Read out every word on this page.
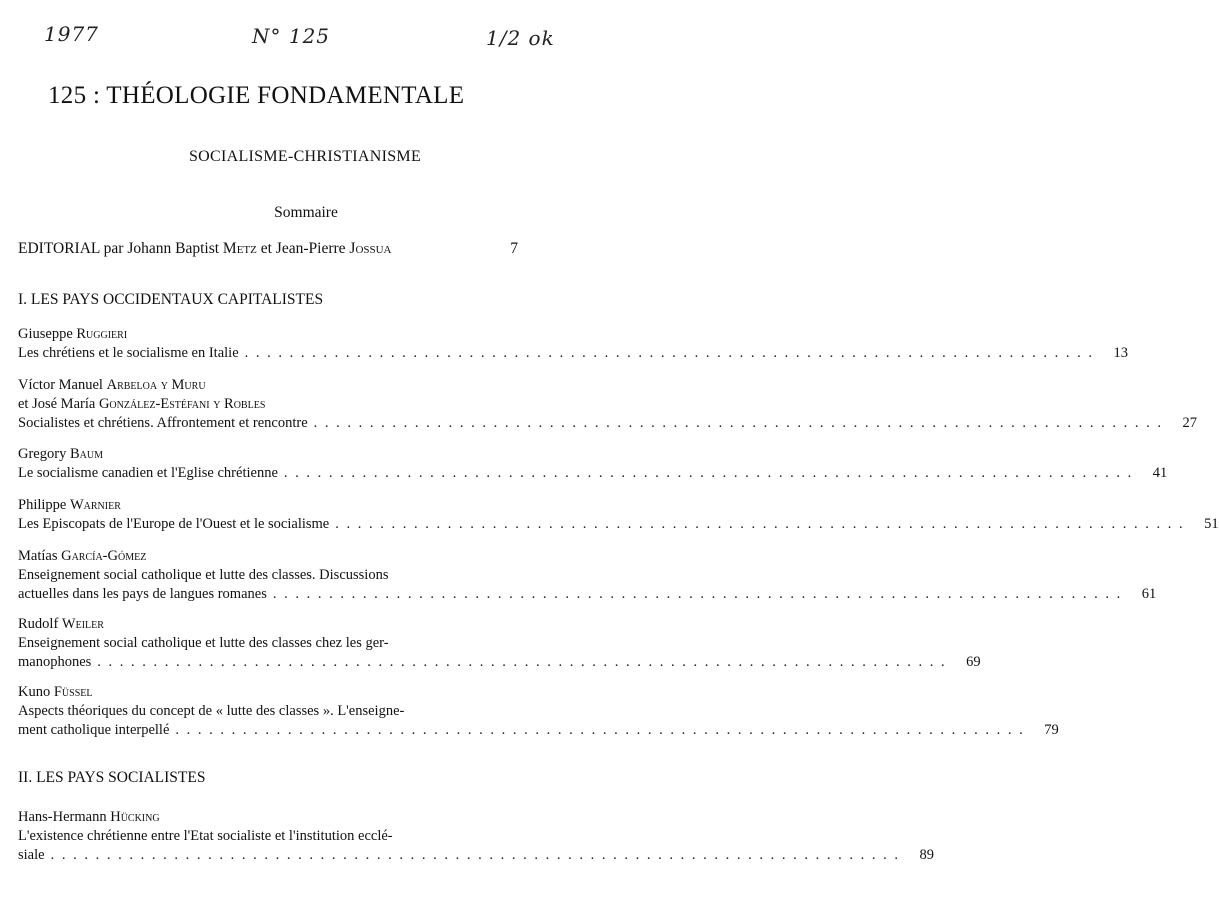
1977	N° 125	1/2 ok
125 : THÉOLOGIE FONDAMENTALE
SOCIALISME-CHRISTIANISME
Sommaire
EDITORIAL par Johann Baptist Metz et Jean-Pierre Jossua	7
I. LES PAYS OCCIDENTAUX CAPITALISTES
Giuseppe Ruggieri
Les chrétiens et le socialisme en Italie . . . . . . . . . . . . . . . . . . . . . . . . . . . . . . . . . . . . . . . . . . . . . . . . . . . . . . . . . . . . . . . . . . . . . . . . . . . .	13
Víctor Manuel Arbeloa y Muru
et José María González-Estéfani y Robles
Socialistes et chrétiens. Affrontement et rencontre . . . . . . . . . . . . . . . . . . . . . . . . . . . . . . . . . . . . . . . . . . . . . . . . . . . . . . . . . . . . . . . . . . . . . . . . . . . .	27
Gregory Baum
Le socialisme canadien et l'Eglise chrétienne . . . . . . . . . . . . . . . . . . . . . . . . . . . . . . . . . . . . . . . . . . . . . . . . . . . . . . . . . . . . . . . . . . . . . . . . . . . .	41
Philippe Warnier
Les Episcopats de l'Europe de l'Ouest et le socialisme . . . . . . . . . . . . . . . . . . . . . . . . . . . . . . . . . . . . . . . . . . . . . . . . . . . . . . . . . . . . . . . . . . . . . . . . . . . .	51
Matías García-Gómez
Enseignement social catholique et lutte des classes. Discussions
actuelles dans les pays de langues romanes . . . . . . . . . . . . . . . . . . . . . . . . . . . . . . . . . . . . . . . . . . . . . . . . . . . . . . . . . . . . . . . . . . . . . . . . . . . .	61
Rudolf Weiler
Enseignement social catholique et lutte des classes chez les ger-
manophones . . . . . . . . . . . . . . . . . . . . . . . . . . . . . . . . . . . . . . . . . . . . . . . . . . . . . . . . . . . . . . . . . . . . . . . . . . . .	69
Kuno Füssel
Aspects théoriques du concept de « lutte des classes ». L'enseigne-
ment catholique interpellé . . . . . . . . . . . . . . . . . . . . . . . . . . . . . . . . . . . . . . . . . . . . . . . . . . . . . . . . . . . . . . . . . . . . . . . . . . . .	79
II. LES PAYS SOCIALISTES
Hans-Hermann Hücking
L'existence chrétienne entre l'Etat socialiste et l'institution ecclé-
siale . . . . . . . . . . . . . . . . . . . . . . . . . . . . . . . . . . . . . . . . . . . . . . . . . . . . . . . . . . . . . . . . . . . . . . . . . . . .	89
